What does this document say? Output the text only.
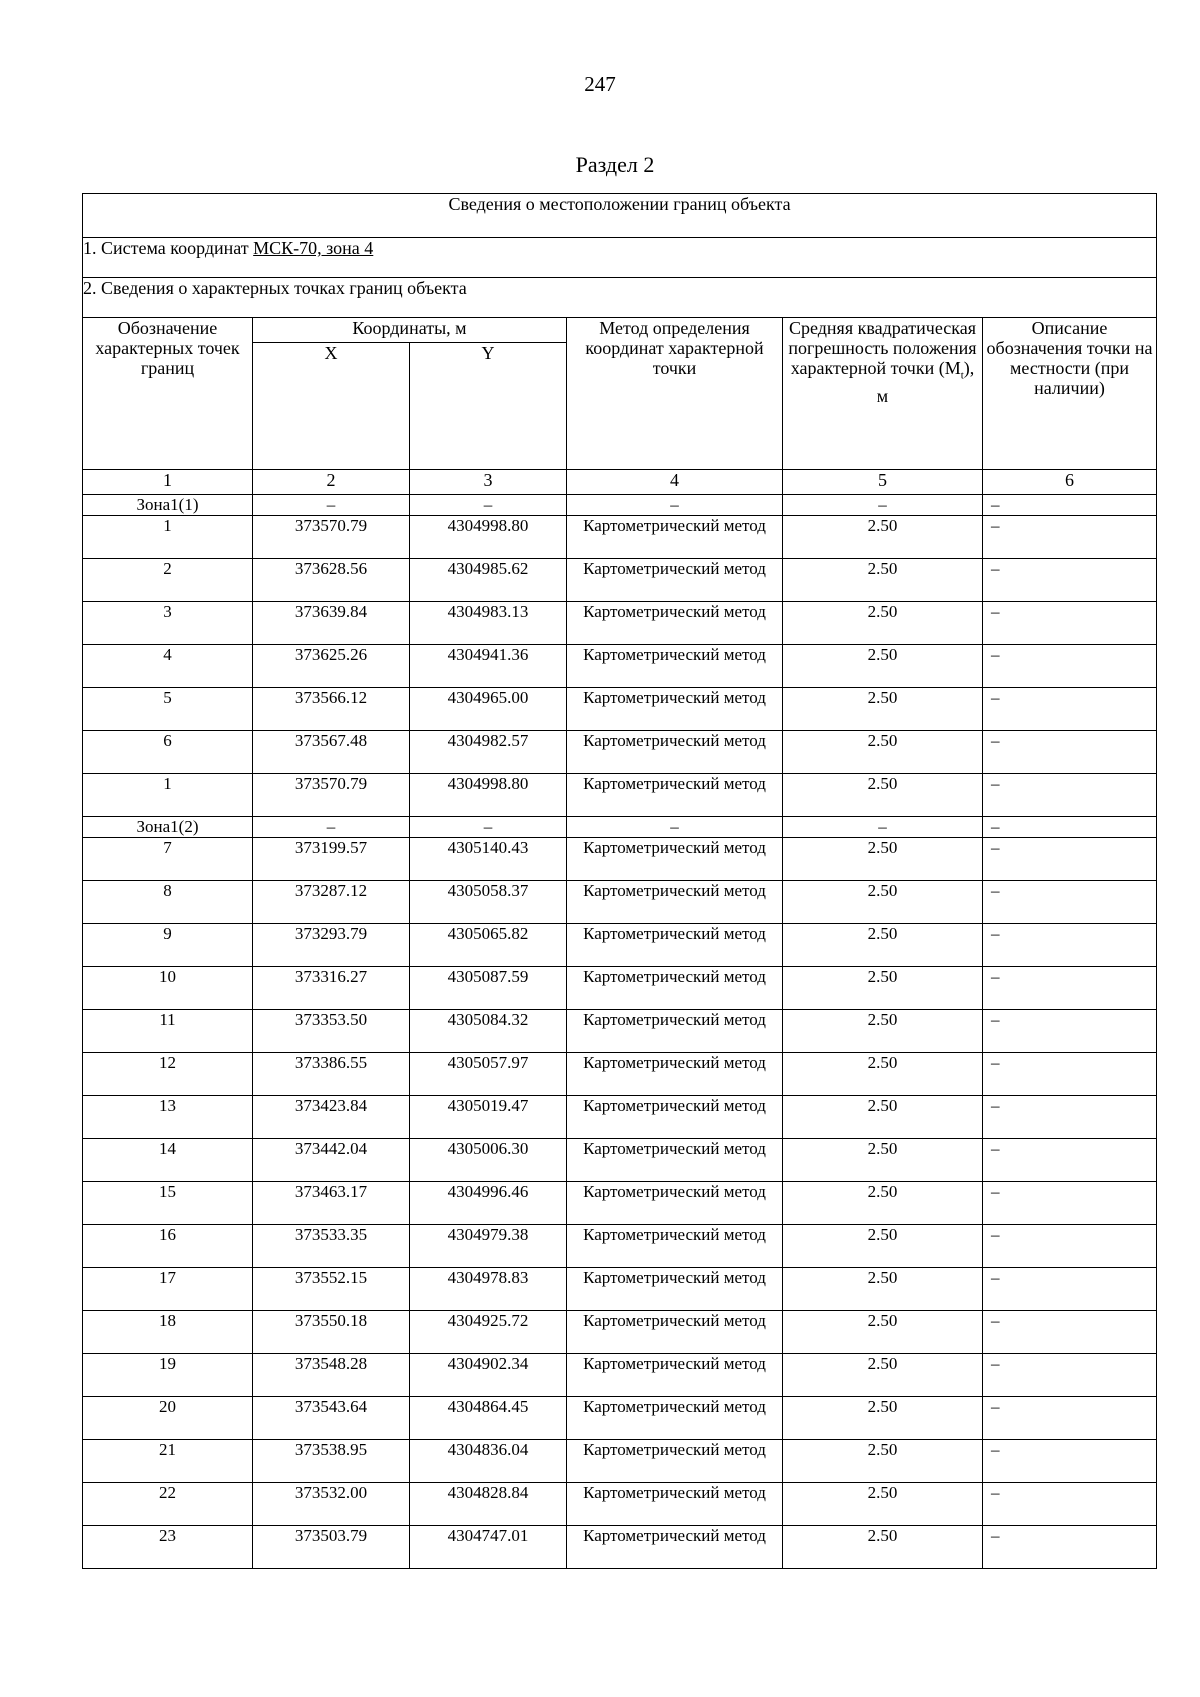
247
Раздел 2
Сведения о местоположении границ объекта					
1. Система координат МСК-70, зона 4					
2. Сведения о характерных точках границ объекта					
Обозначение характерных точек границ	Координаты, м		Метод определения координат характерной точки	Средняя квадратическая погрешность положения характерной точки $(M_t)$, м	Описание обозначения точки на местности (при наличии)
	X	Y			
1	2	3	4	5	6
Зона1(1)	–	–	–	–	–
1	373570.79	4304998.80	Картометрический метод	2.50	–
2	373628.56	4304985.62	Картометрический метод	2.50	–
3	373639.84	4304983.13	Картометрический метод	2.50	–
4	373625.26	4304941.36	Картометрический метод	2.50	–
5	373566.12	4304965.00	Картометрический метод	2.50	–
6	373567.48	4304982.57	Картометрический метод	2.50	–
1	373570.79	4304998.80	Картометрический метод	2.50	–
Зона1(2)	–	–	–	–	–
7	373199.57	4305140.43	Картометрический метод	2.50	–
8	373287.12	4305058.37	Картометрический метод	2.50	–
9	373293.79	4305065.82	Картометрический метод	2.50	–
10	373316.27	4305087.59	Картометрический метод	2.50	–
11	373353.50	4305084.32	Картометрический метод	2.50	–
12	373386.55	4305057.97	Картометрический метод	2.50	–
13	373423.84	4305019.47	Картометрический метод	2.50	–
14	373442.04	4305006.30	Картометрический метод	2.50	–
15	373463.17	4304996.46	Картометрический метод	2.50	–
16	373533.35	4304979.38	Картометрический метод	2.50	–
17	373552.15	4304978.83	Картометрический метод	2.50	–
18	373550.18	4304925.72	Картометрический метод	2.50	–
19	373548.28	4304902.34	Картометрический метод	2.50	–
20	373543.64	4304864.45	Картометрический метод	2.50	–
21	373538.95	4304836.04	Картометрический метод	2.50	–
22	373532.00	4304828.84	Картометрический метод	2.50	–
23	373503.79	4304747.01	Картометрический метод	2.50	–
